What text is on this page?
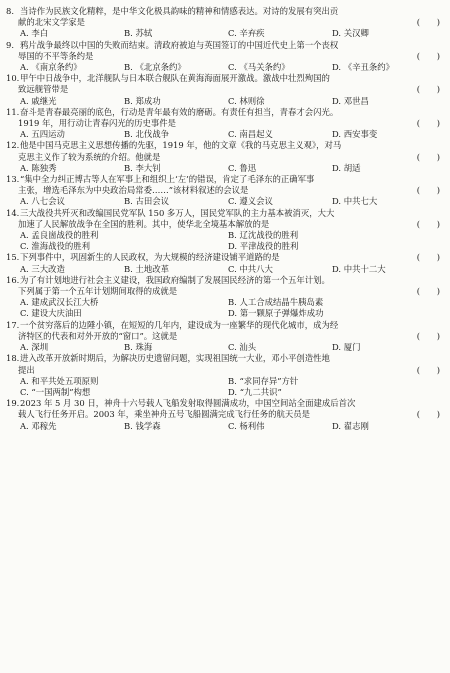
8. 当诗作为民族文化精粹，是中华文化极具韵味的精神和情感表达。对诗的发展有突出贡
献的北宋文学家是	(　　)
A. 李白	B. 苏轼	C. 辛弃疾	D. 关汉卿
9. 鸦片战争最终以中国的失败而结束。清政府被迫与英国签订的中国近代史上第一个丧权
辱国的不平等条约是	(　　)
A. 《南京条约》	B. 《北京条约》	C. 《马关条约》	D. 《辛丑条约》
10. 甲午中日战争中，北洋舰队与日本联合舰队在黄海海面展开激战。激战中壮烈殉国的
致远舰管带是	(　　)
A. 戚继光	B. 郑成功	C. 林则徐	D. 邓世昌
11. 奋斗是青春最亮丽的底色，行动是青年最有效的磨砺。有责任有担当，青春才会闪光。
1919 年，用行动让青春闪光的历史事件是	(　　)
A. 五四运动	B. 北伐战争	C. 南昌起义	D. 西安事变
12. 他是中国马克思主义思想传播的先驱，1919 年，他的文章《我的马克思主义观》，对马
克思主义作了较为系统的介绍。他就是	(　　)
A. 陈独秀	B. 李大钊	C. 鲁迅	D. 胡适
13. “集中全力纠正博古等人在军事上和组织上‘左’的错误，肯定了毛泽东的正确军事
主张，增选毛泽东为中央政治局常委……”该材料叙述的会议是	(　　)
A. 八七会议	B. 古田会议	C. 遵义会议	D. 中共七大
14. 三大战役共歼灭和改编国民党军队 150 多万人，国民党军队的主力基本被消灭，大大
加速了人民解放战争在全国的胜利。其中，使华北全境基本解放的是	(　　)
A. 孟良崮战役的胜利	B. 辽沈战役的胜利
C. 淮海战役的胜利	D. 平津战役的胜利
15. 下列事件中，巩固新生的人民政权，为大规模的经济建设铺平道路的是	(　　)
A. 三大改造	B. 土地改革	C. 中共八大	D. 中共十二大
16. 为了有计划地进行社会主义建设，我国政府编制了发展国民经济的第一个五年计划。
下列属于第一个五年计划期间取得的成就是	(　　)
A. 建成武汉长江大桥	B. 人工合成结晶牛胰岛素
C. 建设大庆油田	D. 第一颗原子弹爆炸成功
17. 一个贫穷落后的边陲小镇，在短短的几年内，建设成为一座繁华的现代化城市，成为经
济特区的代表和对外开放的“窗口”。这就是	(　　)
A. 深圳	B. 珠海	C. 汕头	D. 厦门
18. 进入改革开放新时期后，为解决历史遗留问题，实现祖国统一大业，邓小平创造性地
提出	(　　)
A. 和平共处五项原则	B. “求同存异”方针
C. “一国两制”构想	D. “九二共识”
19. 2023 年 5 月 30 日，神舟十六号载人飞船发射取得圆满成功，中国空间站全面建成后首次
载人飞行任务开启。2003 年，乘坐神舟五号飞船圆满完成飞行任务的航天员是	(　　)
A. 邓稼先	B. 钱学森	C. 杨利伟	D. 翟志刚
